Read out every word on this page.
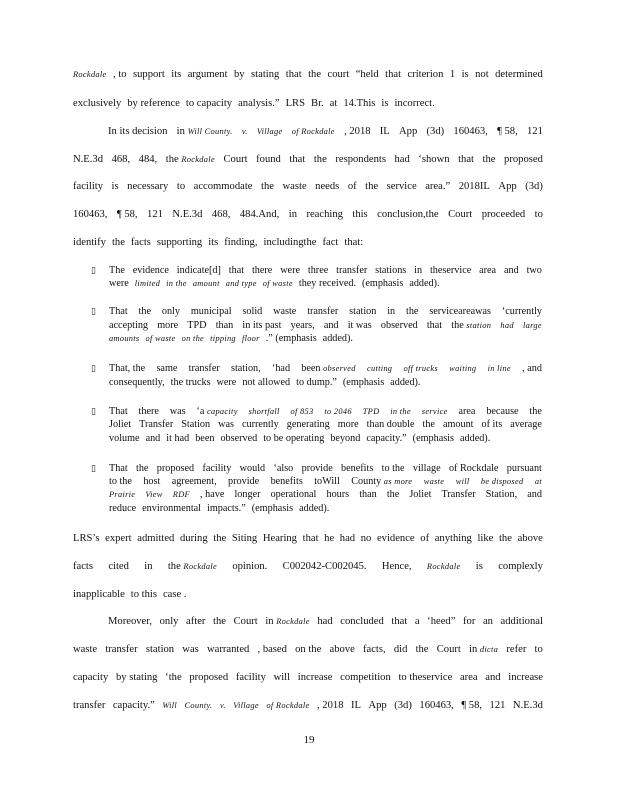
Rockdale , to support its argument by stating that the court “held that criterion 1 is not determined
exclusively by reference to capacity analysis.” LRS Br. at 14.This is incorrect.
In its decision in Will County. v. Village of Rockdale , 2018 IL App (3d) 160463, ¶ 58, 121
N.E.3d 468, 484, the Rockdale Court found that the respondents had ‘shown that the proposed
facility is necessary to accommodate the waste needs of the service area.” 2018IL App (3d)
160463, ¶ 58, 121 N.E.3d 468, 484.And, in reaching this conclusion,the Court proceeded to
identify the facts supporting its finding, includingthe fact that:
▯ The evidence indicate[d] that there were three transfer stations in theservice area and two
were limited in the amount and type of waste they received. (emphasis added).
▯ That the only municipal solid waste transfer station in the serviceareawas ‘currently
accepting more TPD than in its past years, and it was observed that the station had large
amounts of waste on the tipping floor .” (emphasis added).
▯ That, the same transfer station, ‘had been observed cutting off trucks waiting in line , and
consequently, the trucks were not allowed to dump.” (emphasis added).
▯ That there was ‘a capacity shortfall of 853 to 2046 TPD in the service area because the
Joliet Transfer Station was currently generating more than double the amount of its average
volume and it had been observed to be operating beyond capacity.” (emphasis added).
▯ That the proposed facility would ‘also provide benefits to the village of Rockdale pursuant
to the host agreement, provide benefits toWill County as more waste will be disposed at
Prairie View RDF , have longer operational hours than the Joliet Transfer Station, and
reduce environmental impacts.” (emphasis added).
LRS’s expert admitted during the Siting Hearing that he had no evidence of anything like the above
facts cited in the Rockdale opinion. C002042-C002045. Hence, Rockdale is complexly
inapplicable to this case .
Moreover, only after the Court in Rockdale had concluded that a ‘heed” for an additional
waste transfer station was warranted , based on the above facts, did the Court in dicta refer to
capacity by stating ‘the proposed facility will increase competition to theservice area and increase
transfer capacity.” Will County. v. Village of Rockdale , 2018 IL App (3d) 160463, ¶ 58, 121 N.E.3d
19
